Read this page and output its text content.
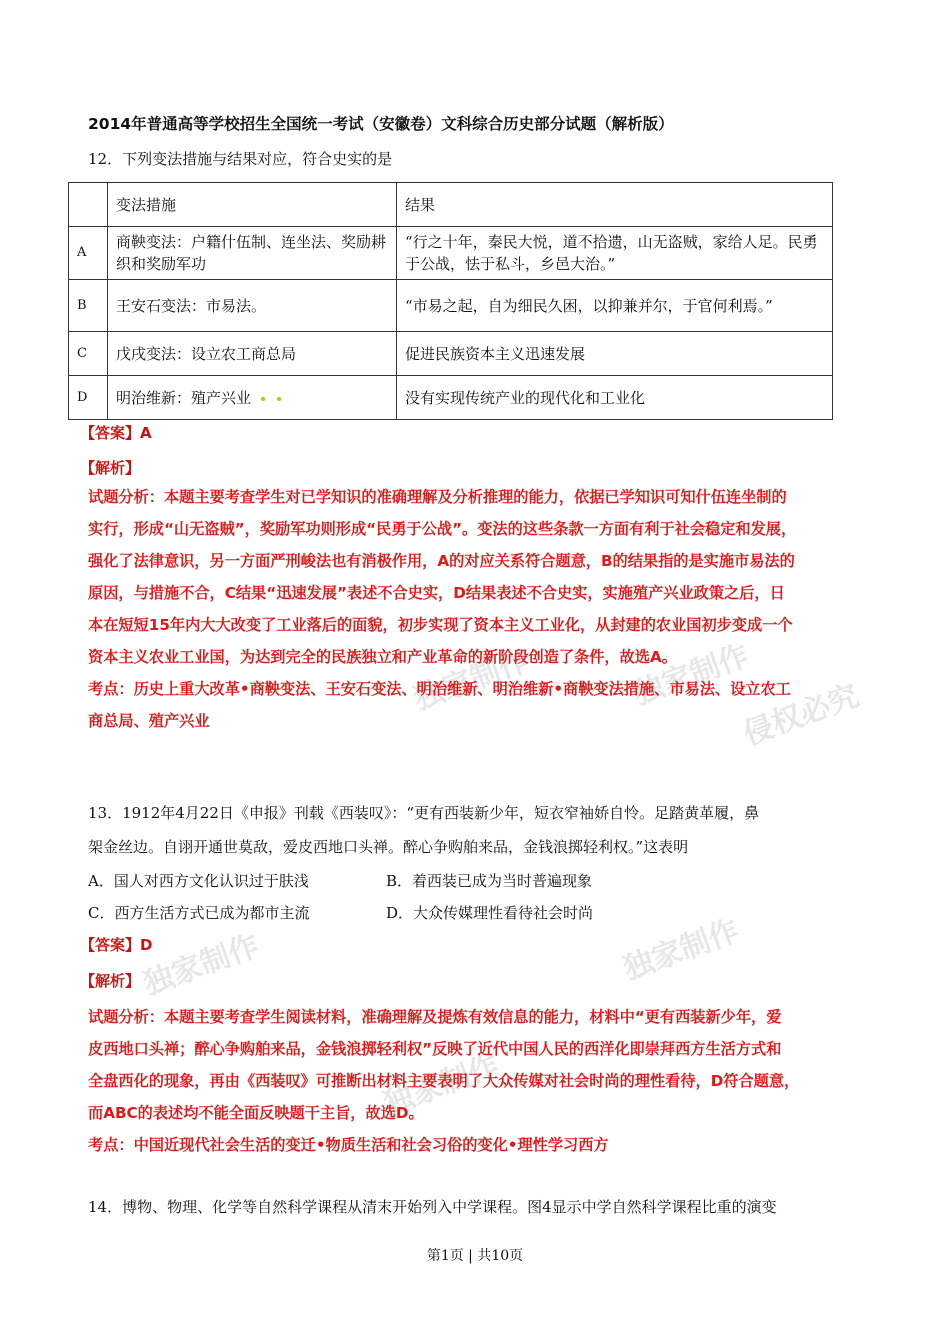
独家制作
侵权必究
独家制作
独家制作	独家制作
独家制作
2014年普通高等学校招生全国统一考试（安徽卷）文科综合历史部分试题（解析版）
12．下列变法措施与结果对应，符合史实的是
	变法措施	结果
A	商鞅变法：户籍什伍制、连坐法、奖励耕织和奖励军功	“行之十年，秦民大悦，道不拾遗，山无盗贼，家给人足。民勇于公战，怯于私斗，乡邑大治。”
B	王安石变法：市易法。	“市易之起，自为细民久困，以抑兼并尔，于官何利焉。”
C	戊戌变法：设立农工商总局	促进民族资本主义迅速发展
D	明治维新：殖产兴业	没有实现传统产业的现代化和工业化
【答案】A
【解析】
试题分析：本题主要考查学生对已学知识的准确理解及分析推理的能力，依据已学知识可知什伍连坐制的
实行，形成“山无盗贼”，奖励军功则形成“民勇于公战”。变法的这些条款一方面有利于社会稳定和发展，
强化了法律意识，另一方面严刑峻法也有消极作用，A的对应关系符合题意，B的结果指的是实施市易法的
原因，与措施不合，C结果“迅速发展”表述不合史实，D结果表述不合史实，实施殖产兴业政策之后，日
本在短短15年内大大改变了工业落后的面貌，初步实现了资本主义工业化，从封建的农业国初步变成一个
资本主义农业工业国，为达到完全的民族独立和产业革命的新阶段创造了条件，故选A。
考点：历史上重大改革•商鞅变法、王安石变法、明治维新、明治维新•商鞅变法措施、市易法、设立农工
商总局、殖产兴业
13．1912年4月22日《申报》刊载《西装叹》：“更有西装新少年，短衣窄袖娇自怜。足踏黄革履，鼻
架金丝边。自诩开通世莫敌，爱皮西地口头禅。醉心争购舶来品，金钱浪掷轻利权。”这表明
A．国人对西方文化认识过于肤浅	B．着西装已成为当时普遍现象
C．西方生活方式已成为都市主流	D．大众传媒理性看待社会时尚
【答案】D
【解析】
试题分析：本题主要考查学生阅读材料，准确理解及提炼有效信息的能力，材料中“更有西装新少年，爱
皮西地口头禅；醉心争购舶来品，金钱浪掷轻利权”反映了近代中国人民的西洋化即崇拜西方生活方式和
全盘西化的现象，再由《西装叹》可推断出材料主要表明了大众传媒对社会时尚的理性看待，D符合题意，
而ABC的表述均不能全面反映题干主旨，故选D。
考点：中国近现代社会生活的变迁•物质生活和社会习俗的变化•理性学习西方
14．博物、物理、化学等自然科学课程从清末开始列入中学课程。图4显示中学自然科学课程比重的演变
第1页 | 共10页
